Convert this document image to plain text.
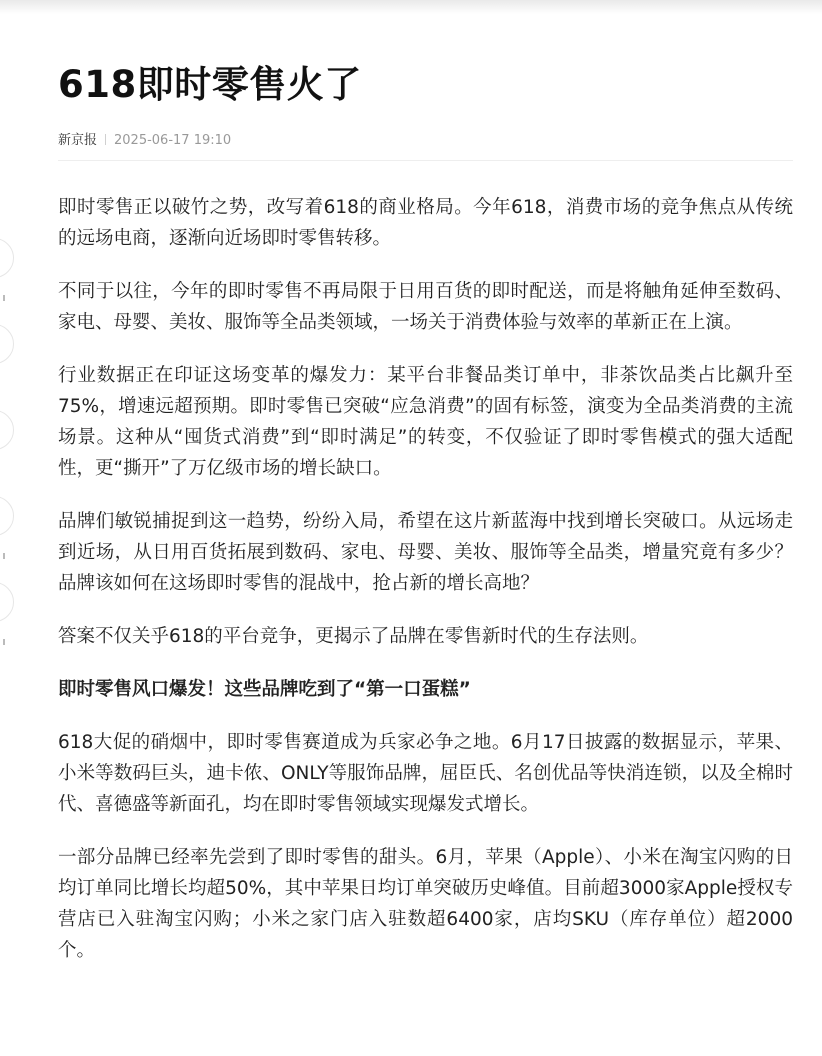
618即时零售火了
新京报 2025-06-17 19:10

即时零售正以破竹之势，改写着618的商业格局。今年618，消费市场的竞争焦点从传统的远场电商，逐渐向近场即时零售转移。

不同于以往，今年的即时零售不再局限于日用百货的即时配送，而是将触角延伸至数码、家电、母婴、美妆、服饰等全品类领域，一场关于消费体验与效率的革新正在上演。

行业数据正在印证这场变革的爆发力：某平台非餐品类订单中，非茶饮品类占比飙升至75%，增速远超预期。即时零售已突破“应急消费”的固有标签，演变为全品类消费的主流场景。这种从“囤货式消费”到“即时满足”的转变，不仅验证了即时零售模式的强大适配性，更“撕开”了万亿级市场的增长缺口。

品牌们敏锐捕捉到这一趋势，纷纷入局，希望在这片新蓝海中找到增长突破口。从远场走到近场，从日用百货拓展到数码、家电、母婴、美妆、服饰等全品类，增量究竟有多少？品牌该如何在这场即时零售的混战中，抢占新的增长高地？

答案不仅关乎618的平台竞争，更揭示了品牌在零售新时代的生存法则。

即时零售风口爆发！这些品牌吃到了“第一口蛋糕”

618大促的硝烟中，即时零售赛道成为兵家必争之地。6月17日披露的数据显示，苹果、小米等数码巨头，迪卡侬、ONLY等服饰品牌，屈臣氏、名创优品等快消连锁，以及全棉时代、喜德盛等新面孔，均在即时零售领域实现爆发式增长。

一部分品牌已经率先尝到了即时零售的甜头。6月，苹果（Apple）、小米在淘宝闪购的日均订单同比增长均超50%，其中苹果日均订单突破历史峰值。目前超3000家Apple授权专营店已入驻淘宝闪购；小米之家门店入驻数超6400家，店均SKU（库存单位）超2000个。
